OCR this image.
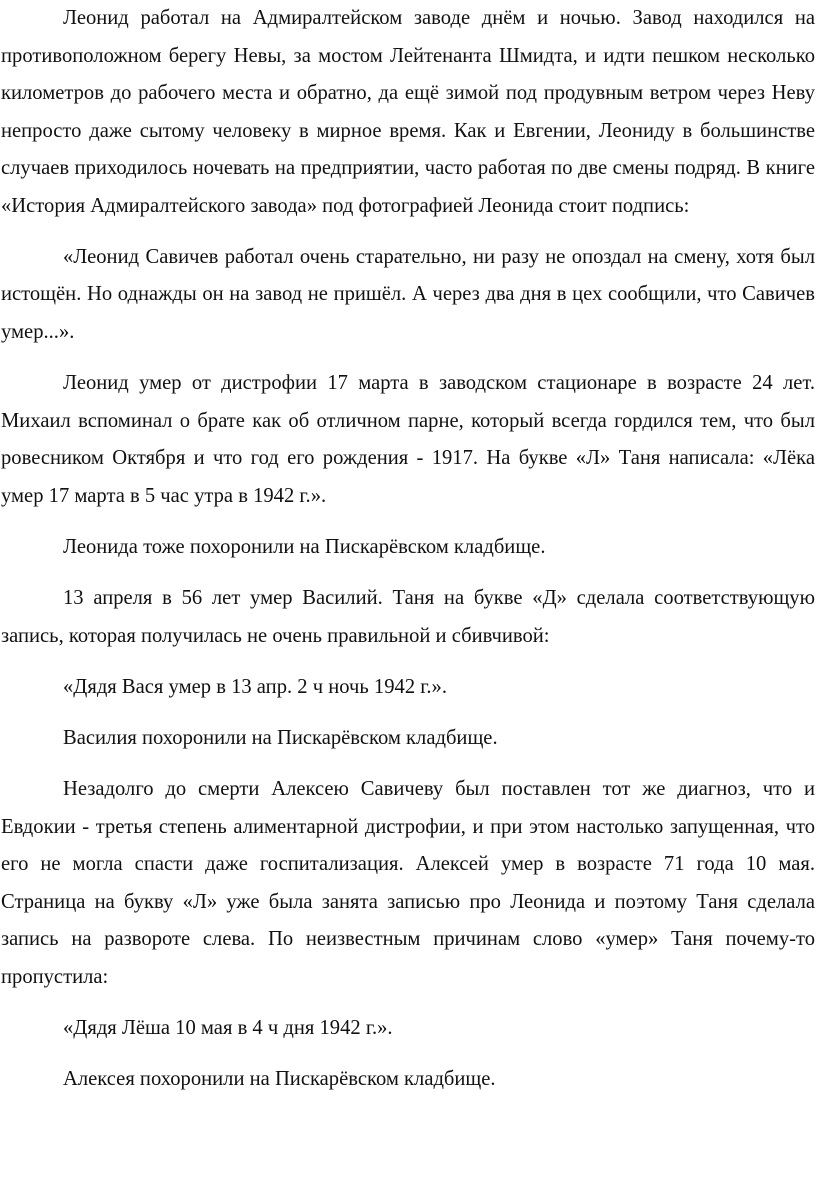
Леонид работал на Адмиралтейском заводе днём и ночью. Завод находился на противоположном берегу Невы, за мостом Лейтенанта Шмидта, и идти пешком несколько километров до рабочего места и обратно, да ещё зимой под продувным ветром через Неву непросто даже сытому человеку в мирное время. Как и Евгении, Леониду в большинстве случаев приходилось ночевать на предприятии, часто работая по две смены подряд. В книге «История Адмиралтейского завода» под фотографией Леонида стоит подпись:

«Леонид Савичев работал очень старательно, ни разу не опоздал на смену, хотя был истощён. Но однажды он на завод не пришёл. А через два дня в цех сообщили, что Савичев умер...».

Леонид умер от дистрофии 17 марта в заводском стационаре в возрасте 24 лет. Михаил вспоминал о брате как об отличном парне, который всегда гордился тем, что был ровесником Октября и что год его рождения - 1917. На букве «Л» Таня написала: «Лёка умер 17 марта в 5 час утра в 1942 г.».

Леонида тоже похоронили на Пискарёвском кладбище.

13 апреля в 56 лет умер Василий. Таня на букве «Д» сделала соответствующую запись, которая получилась не очень правильной и сбивчивой:

«Дядя Вася умер в 13 апр. 2 ч ночь 1942 г.».

Василия похоронили на Пискарёвском кладбище.

Незадолго до смерти Алексею Савичеву был поставлен тот же диагноз, что и Евдокии - третья степень алиментарной дистрофии, и при этом настолько запущенная, что его не могла спасти даже госпитализация. Алексей умер в возрасте 71 года 10 мая. Страница на букву «Л» уже была занята записью про Леонида и поэтому Таня сделала запись на развороте слева. По неизвестным причинам слово «умер» Таня почему-то пропустила:

«Дядя Лёша 10 мая в 4 ч дня 1942 г.».

Алексея похоронили на Пискарёвском кладбище.
